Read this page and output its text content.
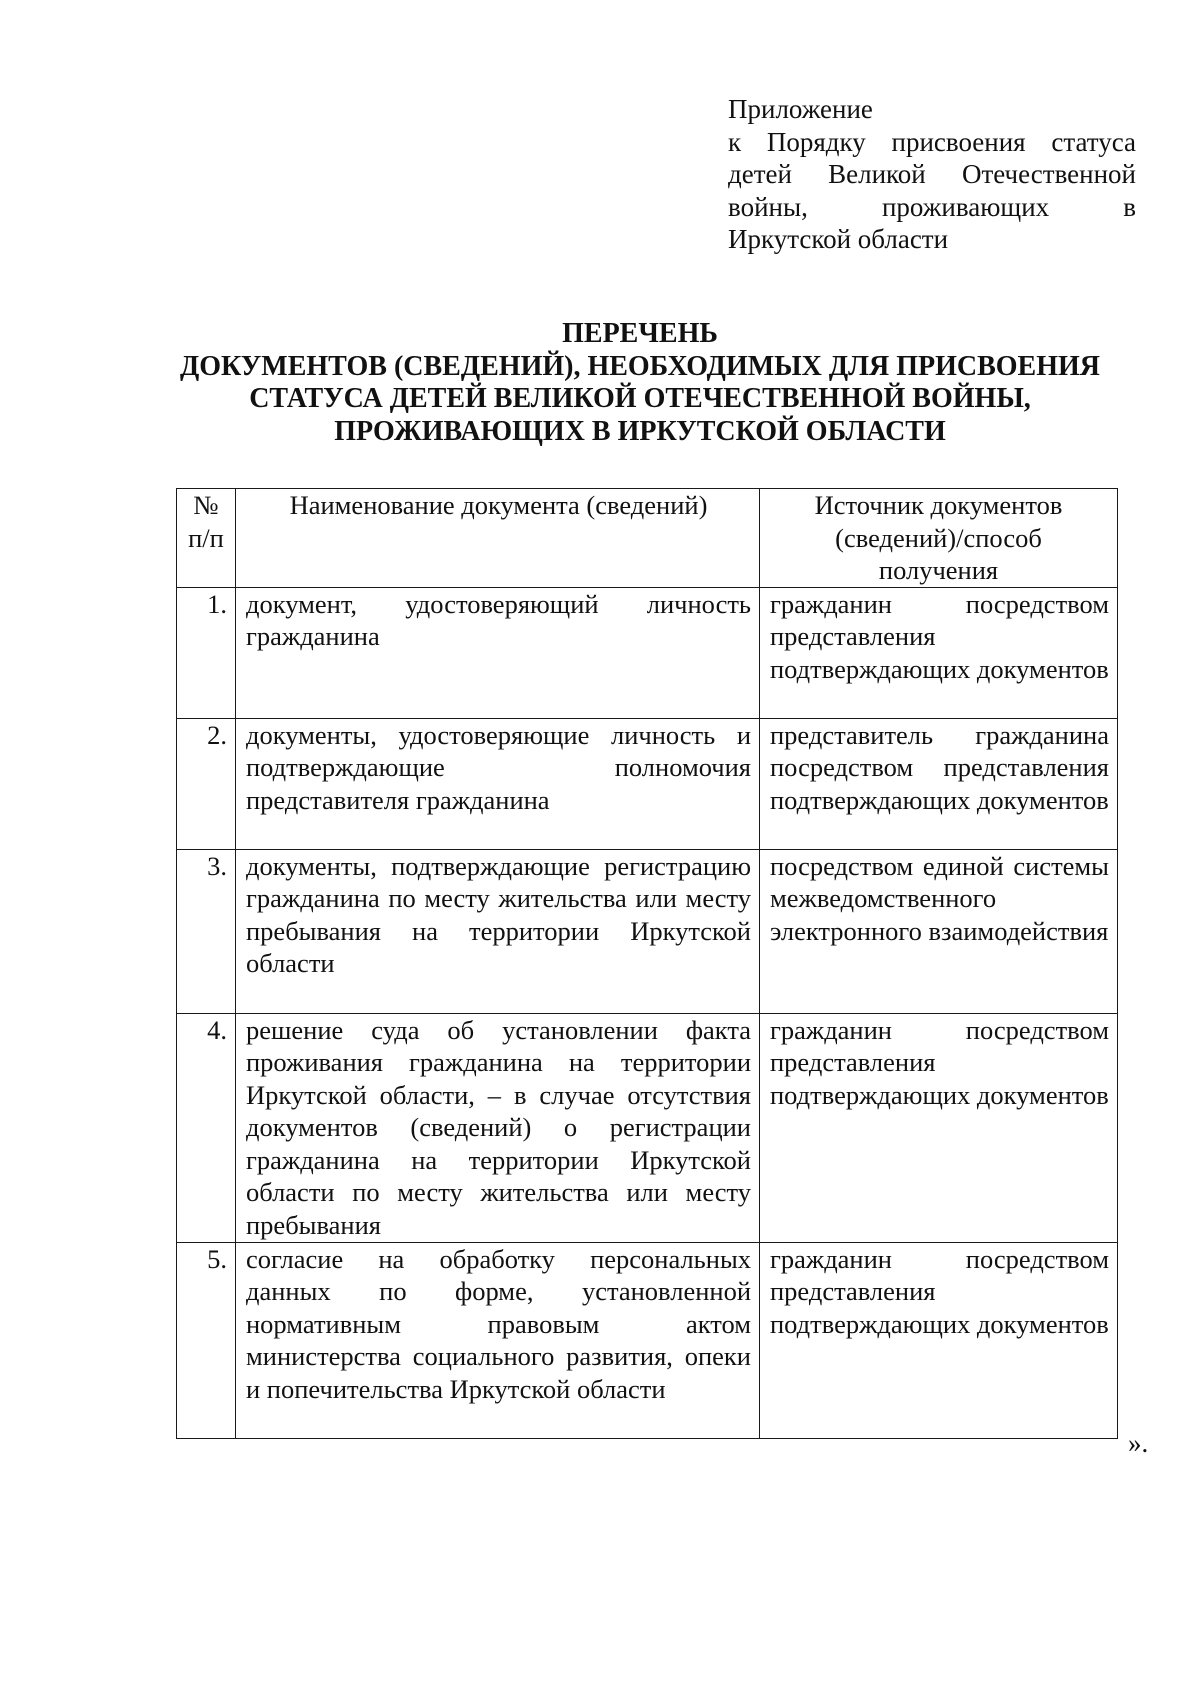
Приложение
к Порядку присвоения статуса
детей Великой Отечественной
войны,	проживающих	в
Иркутской области
ПЕРЕЧЕНЬ
ДОКУМЕНТОВ (СВЕДЕНИЙ), НЕОБХОДИМЫХ ДЛЯ ПРИСВОЕНИЯ
СТАТУСА ДЕТЕЙ ВЕЛИКОЙ ОТЕЧЕСТВЕННОЙ ВОЙНЫ,
ПРОЖИВАЮЩИХ В ИРКУТСКОЙ ОБЛАСТИ
№ п/п	Наименование документа (сведений)	Источник документов (сведений)/способ получения
1.	документ, удостоверяющий личность гражданина	гражданин посредством представления подтверждающих документов
2.	документы, удостоверяющие личность и подтверждающие полномочия представителя гражданина	представитель гражданина посредством представления подтверждающих документов
3.	документы, подтверждающие регистрацию гражданина по месту жительства или месту пребывания на территории Иркутской области	посредством единой системы межведомственного электронного взаимодействия
4.	решение суда об установлении факта проживания гражданина на территории Иркутской области, – в случае отсутствия документов (сведений) о регистрации гражданина на территории Иркутской области по месту жительства или месту пребывания	гражданин посредством представления подтверждающих документов
5.	согласие на обработку персональных данных по форме, установленной нормативным правовым актом министерства социального развития, опеки и попечительства Иркутской области	гражданин посредством представления подтверждающих документов
».
